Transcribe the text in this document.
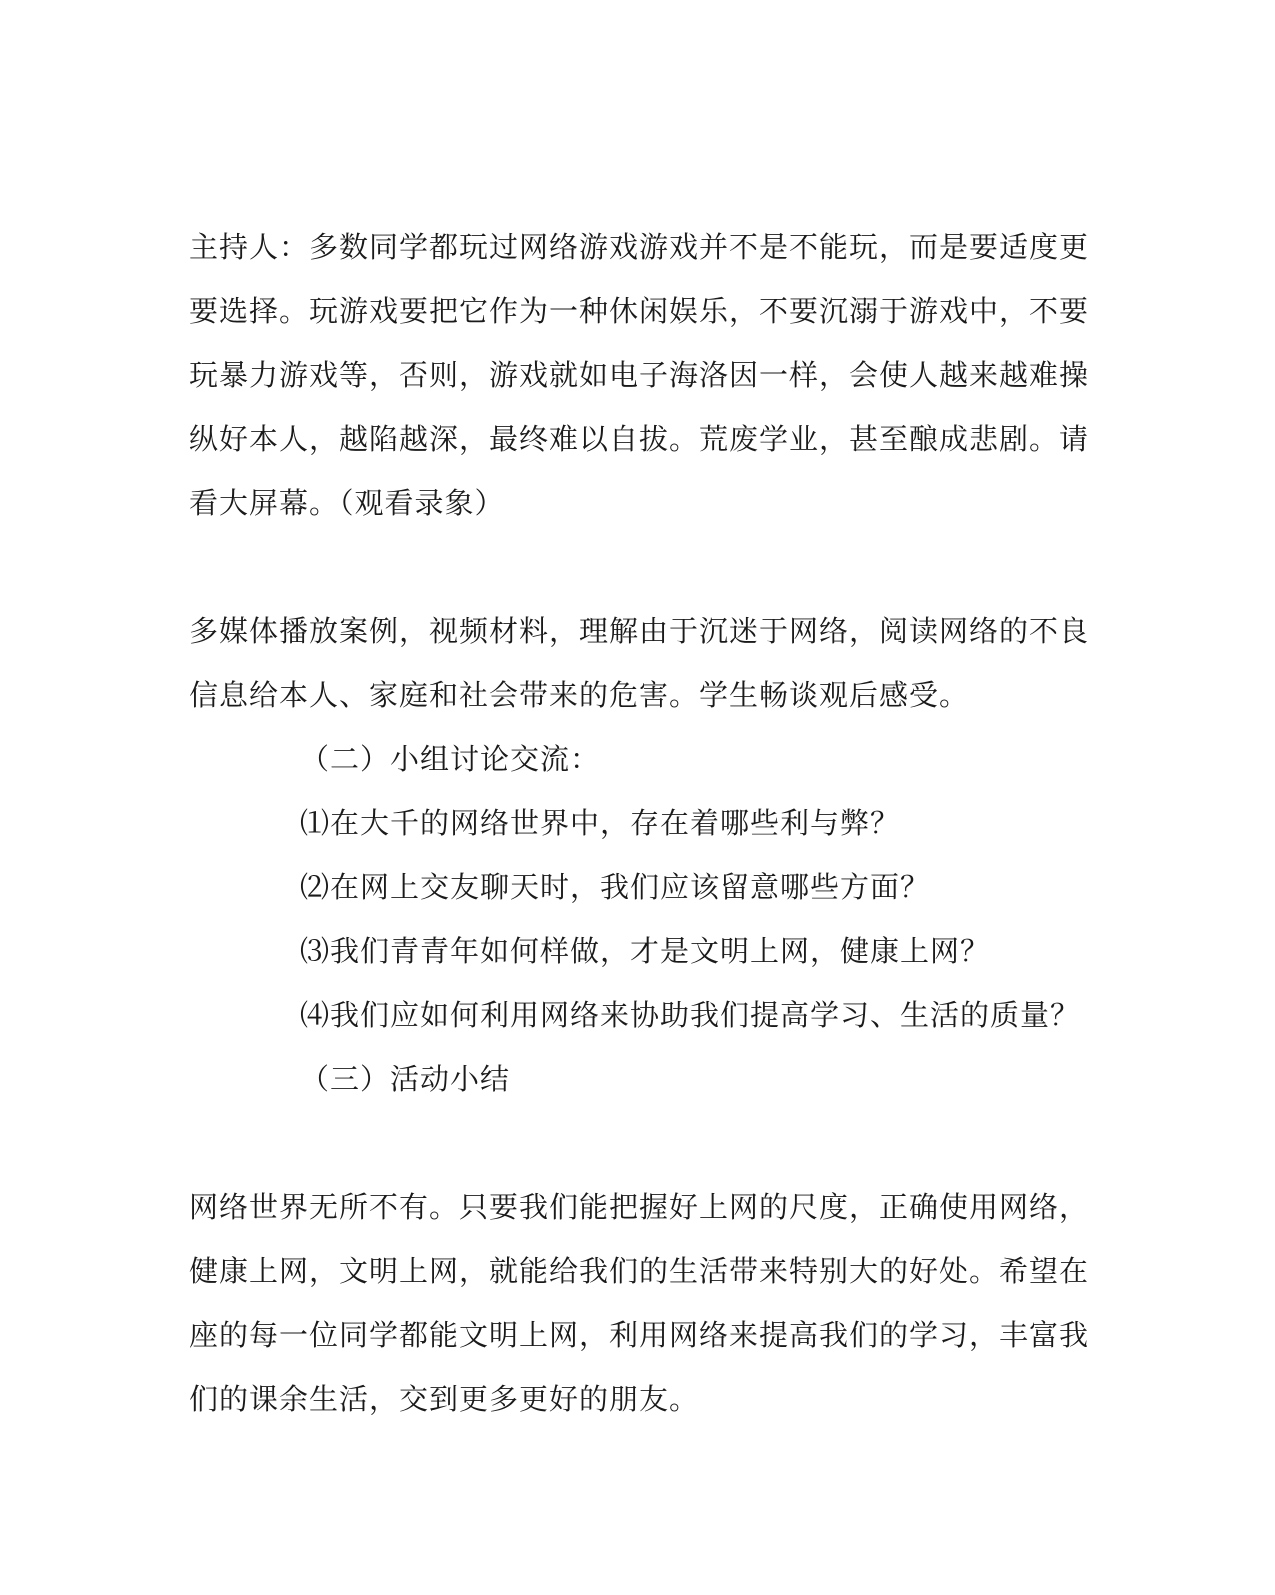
主持人：多数同学都玩过网络游戏游戏并不是不能玩，而是要适度更
要选择。玩游戏要把它作为一种休闲娱乐，不要沉溺于游戏中，不要
玩暴力游戏等，否则，游戏就如电子海洛因一样，会使人越来越难操
纵好本人，越陷越深，最终难以自拔。荒废学业，甚至酿成悲剧。请
看大屏幕。（观看录象）
多媒体播放案例，视频材料，理解由于沉迷于网络，阅读网络的不良
信息给本人、家庭和社会带来的危害。学生畅谈观后感受。
（二）小组讨论交流：
⑴在大千的网络世界中，存在着哪些利与弊？
⑵在网上交友聊天时，我们应该留意哪些方面？
⑶我们青青年如何样做，才是文明上网，健康上网？
⑷我们应如何利用网络来协助我们提高学习、生活的质量？
（三）活动小结
网络世界无所不有。只要我们能把握好上网的尺度，正确使用网络，
健康上网，文明上网，就能给我们的生活带来特别大的好处。希望在
座的每一位同学都能文明上网，利用网络来提高我们的学习，丰富我
们的课余生活，交到更多更好的朋友。
